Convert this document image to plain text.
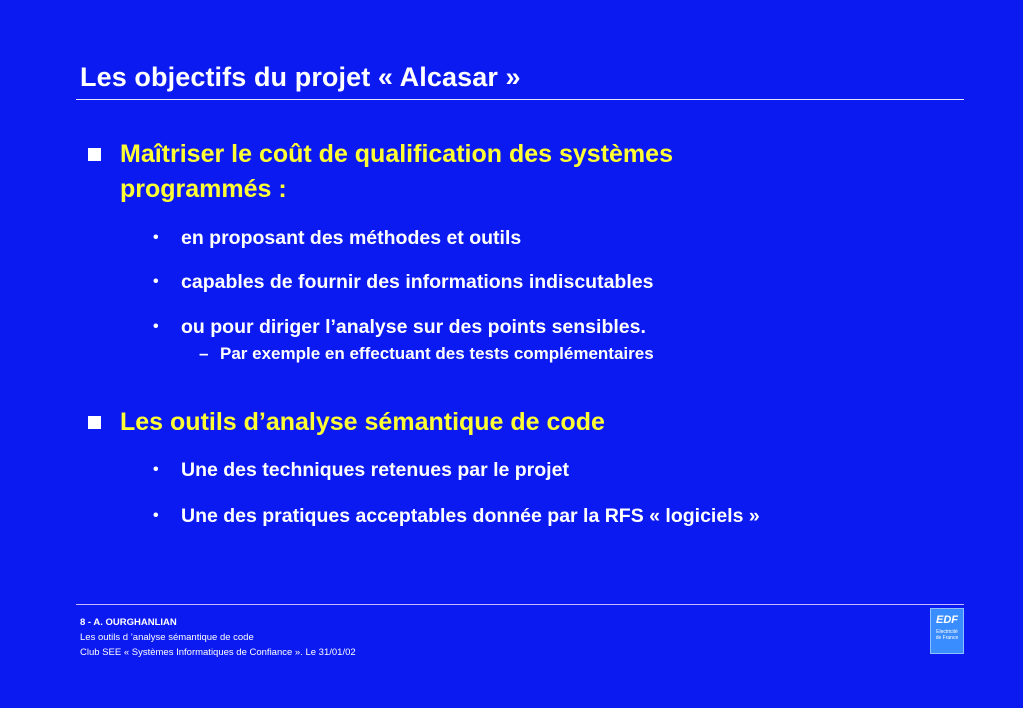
Les objectifs du projet « Alcasar »
Maîtriser le coût de qualification des systèmes
programmés :
• en proposant des méthodes et outils
• capables de fournir des informations indiscutables
• ou pour diriger l’analyse sur des points sensibles.
– Par exemple en effectuant des tests complémentaires
Les outils d’analyse sémantique de code
• Une des techniques retenues par le projet
• Une des pratiques acceptables donnée par la RFS « logiciels »
8 - A. OURGHANLIAN
Les outils d ’analyse sémantique de code
Club SEE « Systèmes Informatiques de Confiance ». Le 31/01/02
EDF
Electricité
de France
